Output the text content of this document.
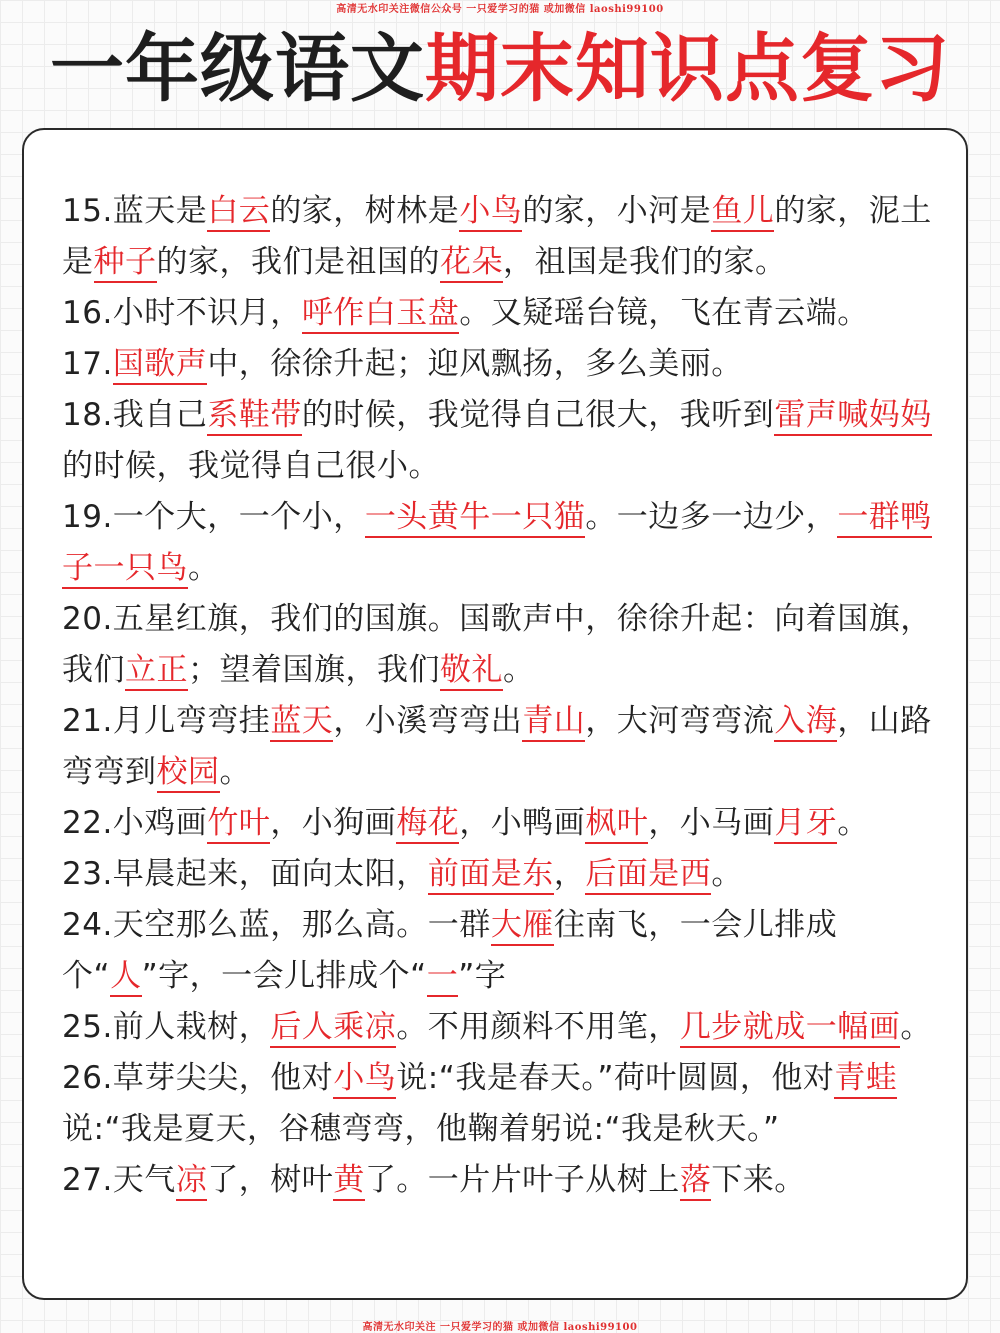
高清无水印关注微信公众号 一只爱学习的猫 或加微信 laoshi99100
一年级语文期末知识点复习

15.蓝天是白云的家，树林是小鸟的家，小河是鱼儿的家，泥土是种子的家，我们是祖国的花朵，祖国是我们的家。

16.小时不识月，呼作白玉盘。又疑瑶台镜，飞在青云端。

17.国歌声中，徐徐升起；迎风飘扬，多么美丽。

18.我自己系鞋带的时候，我觉得自己很大，我听到雷声喊妈妈的时候，我觉得自己很小。

19.一个大，一个小，一头黄牛一只猫。一边多一边少，一群鸭子一只鸟。

20.五星红旗，我们的国旗。国歌声中，徐徐升起：向着国旗，我们立正；望着国旗，我们敬礼。

21.月儿弯弯挂蓝天，小溪弯弯出青山，大河弯弯流入海，山路弯弯到校园。

22.小鸡画竹叶，小狗画梅花，小鸭画枫叶，小马画月牙。

23.早晨起来，面向太阳，前面是东，后面是西。

24.天空那么蓝，那么高。一群大雁往南飞，一会儿排成个“人”字，一会儿排成个“一”字

25.前人栽树，后人乘凉。不用颜料不用笔，几步就成一幅画。

26.草芽尖尖，他对小鸟说:“我是春天。”荷叶圆圆，他对青蛙说:“我是夏天，谷穗弯弯，他鞠着躬说:“我是秋天。”

27.天气凉了，树叶黄了。一片片叶子从树上落下来。

高清无水印关注 一只爱学习的猫 或加微信 laoshi99100
